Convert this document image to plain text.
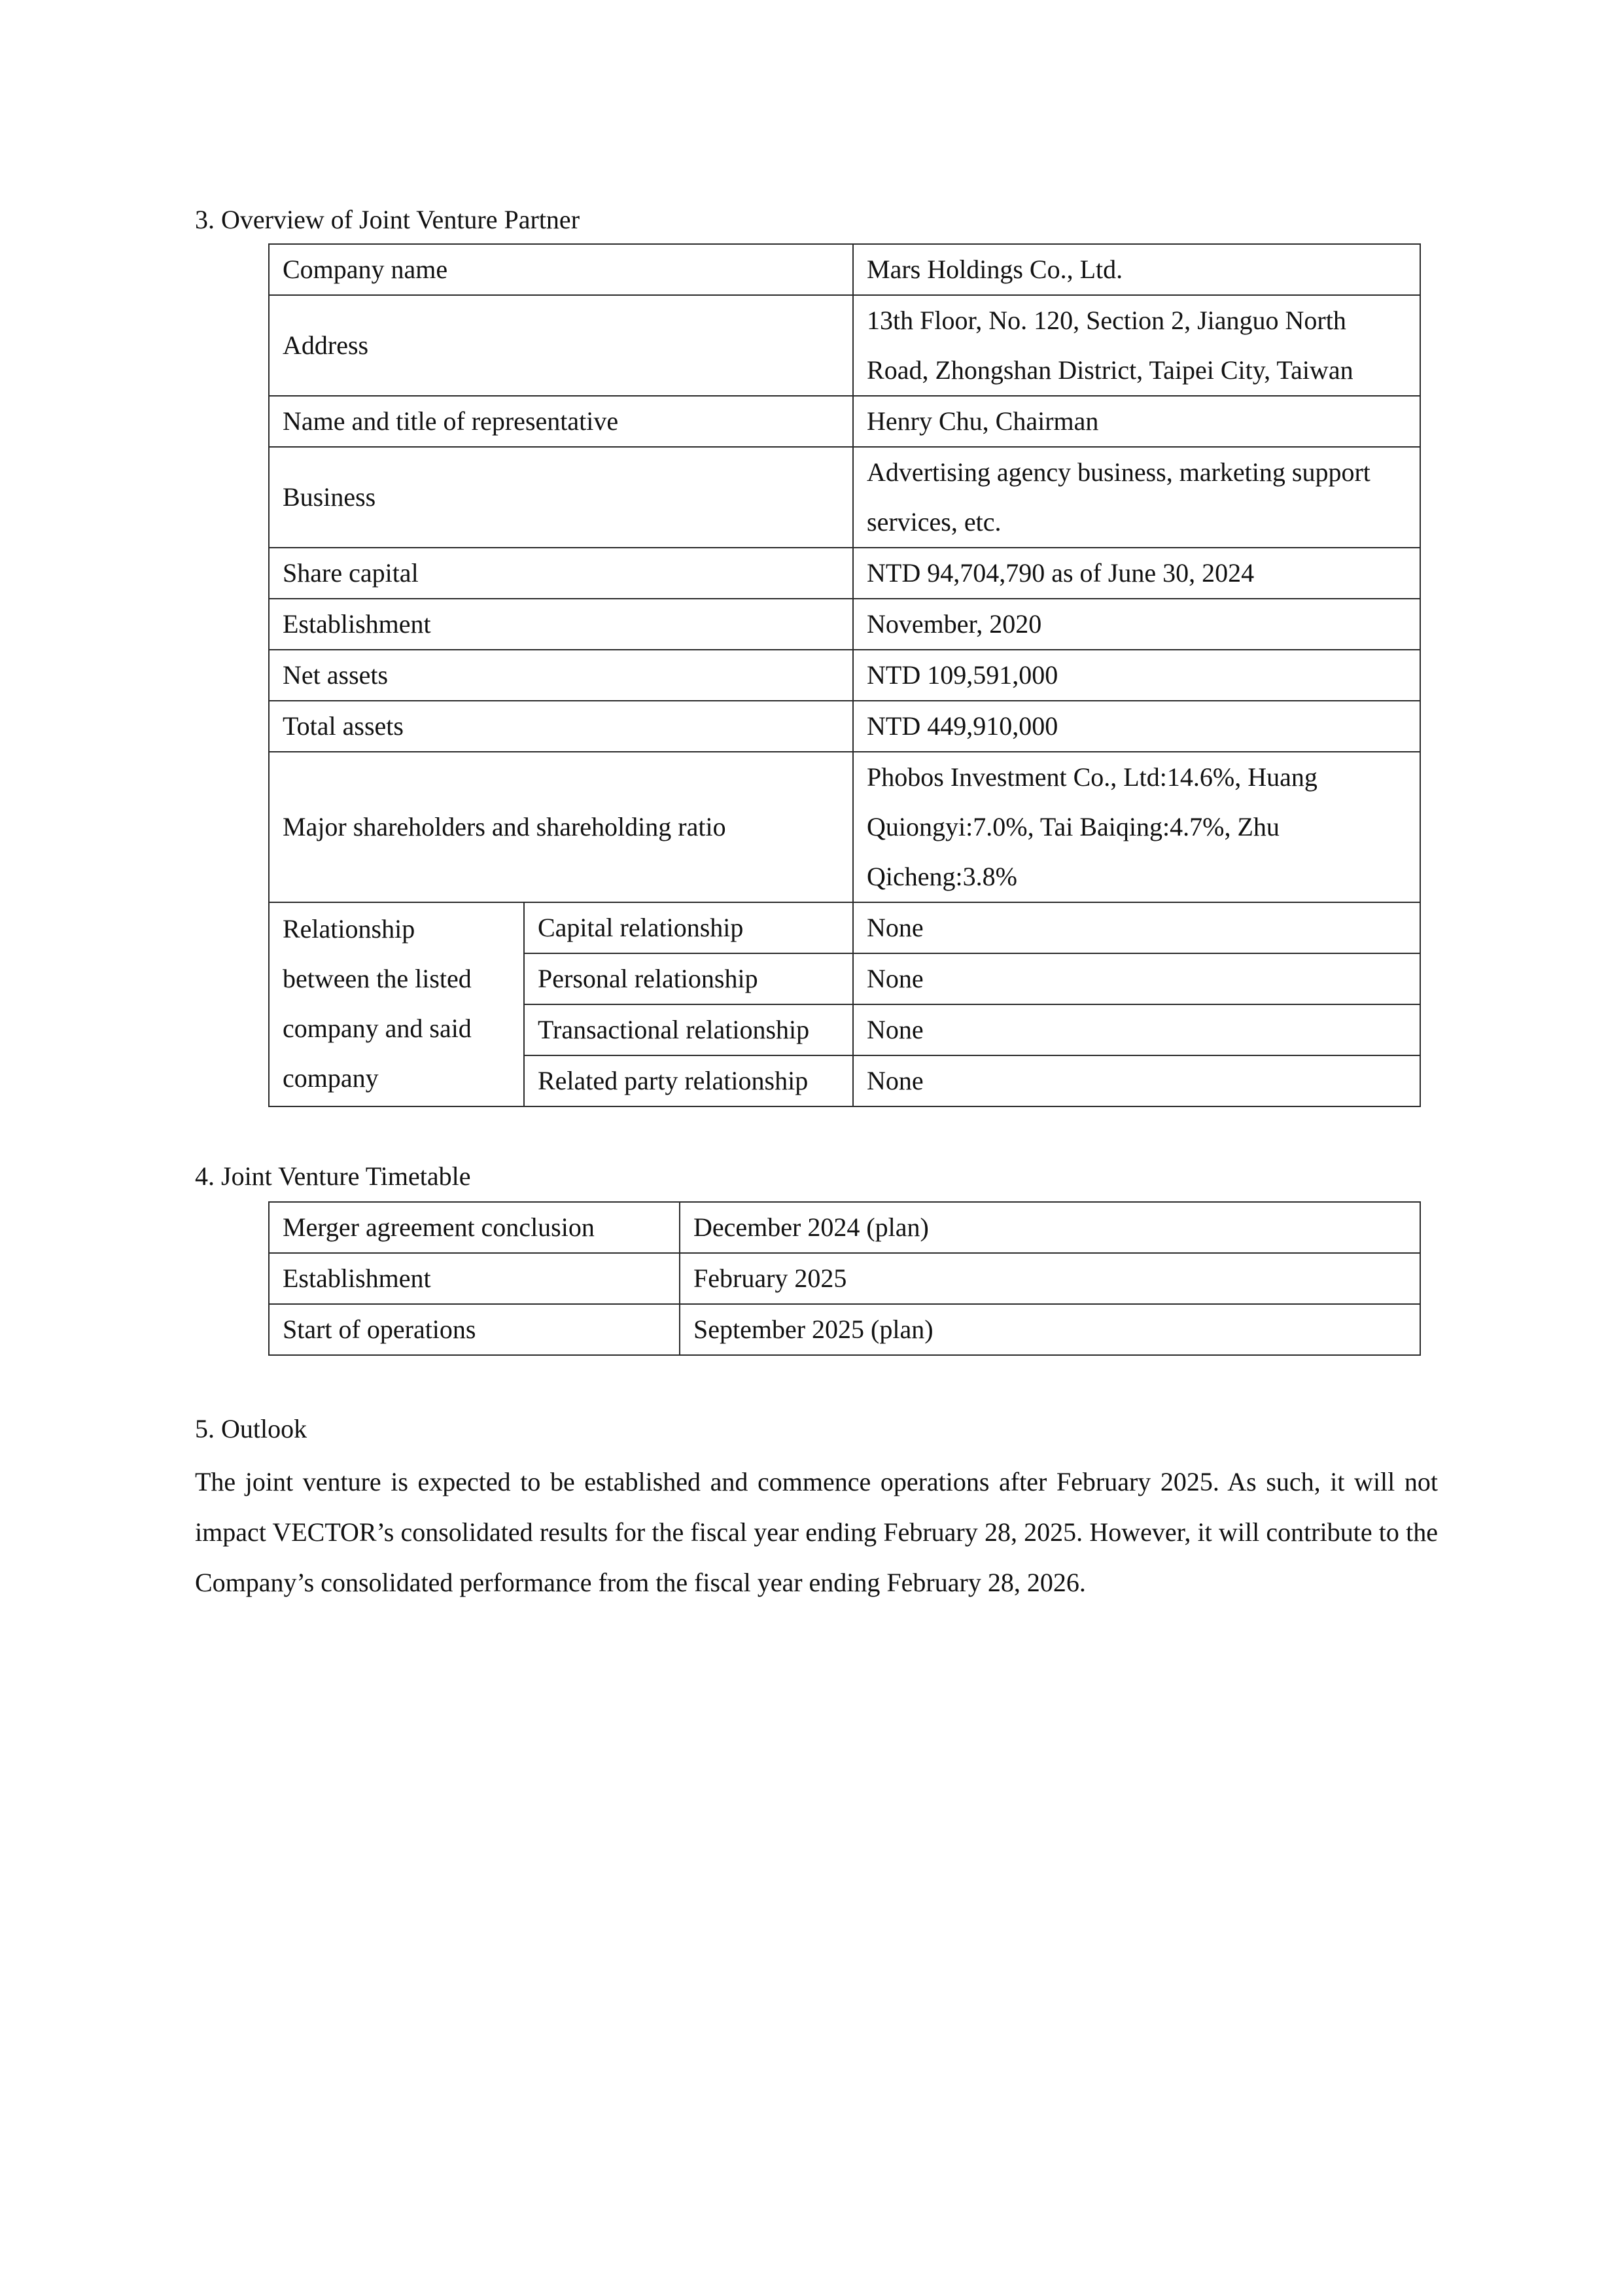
3. Overview of Joint Venture Partner
Company name		Mars Holdings Co., Ltd.
Address		13th Floor, No. 120, Section 2, Jianguo North
Road, Zhongshan District, Taipei City, Taiwan

Name and title of representative		Henry Chu, Chairman
Business		Advertising agency business, marketing support
services, etc.

Share capital		NTD 94,704,790 as of June 30, 2024
Establishment		November, 2020
Net assets		NTD 109,591,000
Total assets		NTD 449,910,000
Major shareholders and shareholding ratio		Phobos Investment Co., Ltd:14.6%, Huang
Quiongyi:7.0%, Tai Baiqing:4.7%, Zhu
Qicheng:3.8%

Relationship
between the listed
company and said
company	Capital relationship	None
	Personal relationship	None
	Transactional relationship	None
	Related party relationship	None
4. Joint Venture Timetable
Merger agreement conclusion	December 2024 (plan)
Establishment	February 2025
Start of operations	September 2025 (plan)
5. Outlook

The joint venture is expected to be established and commence operations after February 2025. As such, it will not impact VECTOR’s consolidated results for the fiscal year ending February 28, 2025. However, it will contribute to the Company’s consolidated performance from the fiscal year ending February 28, 2026.
